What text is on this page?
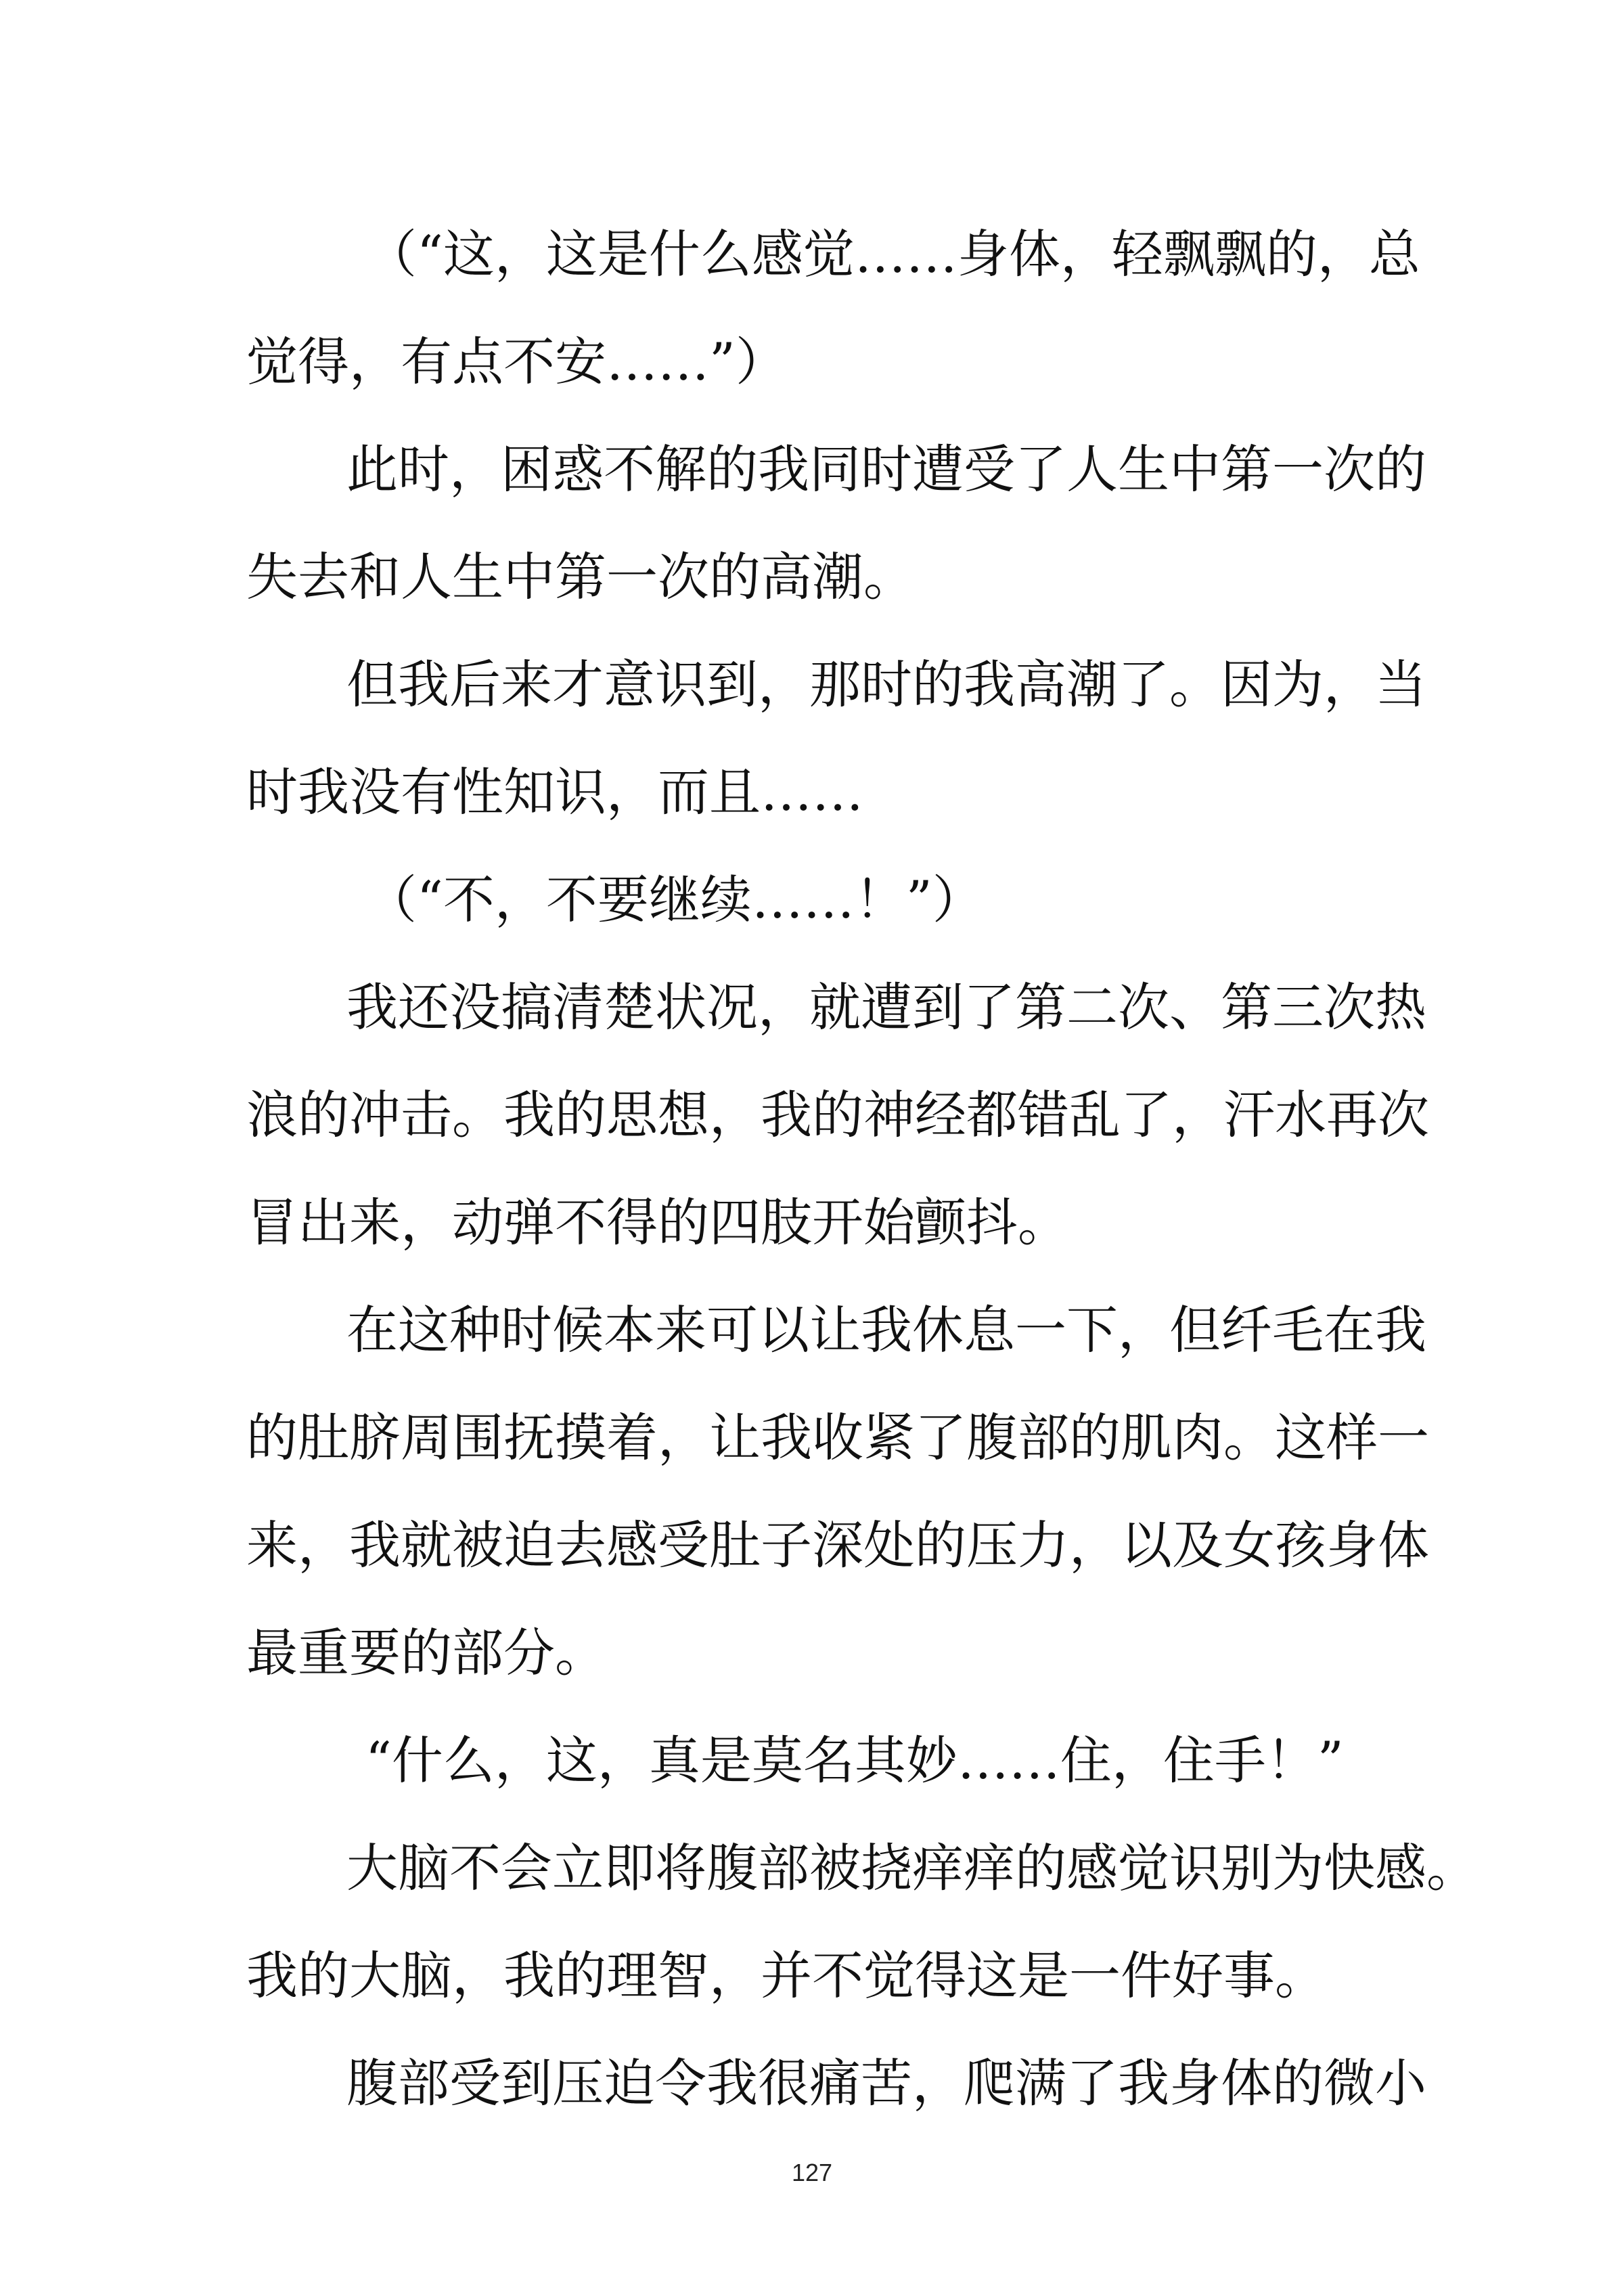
（“这，这是什么感觉……身体，轻飘飘的，总
觉得，有点不安……”）
此时，困惑不解的我同时遭受了人生中第一次的
失去和人生中第一次的高潮。
但我后来才意识到，那时的我高潮了。因为，当
时我没有性知识，而且……
（“不，不要继续……！”）
我还没搞清楚状况，就遭到了第二次、第三次热
浪的冲击。我的思想，我的神经都错乱了，汗水再次
冒出来，动弹不得的四肢开始颤抖。
在这种时候本来可以让我休息一下，但纤毛在我
的肚脐周围抚摸着，让我收紧了腹部的肌肉。这样一
来，我就被迫去感受肚子深处的压力，以及女孩身体
最重要的部分。
“什么，这，真是莫名其妙……住，住手！”
大脑不会立即将腹部被挠痒痒的感觉识别为快感。
我的大脑，我的理智，并不觉得这是一件好事。
腹部受到压迫令我很痛苦，爬满了我身体的微小
127
